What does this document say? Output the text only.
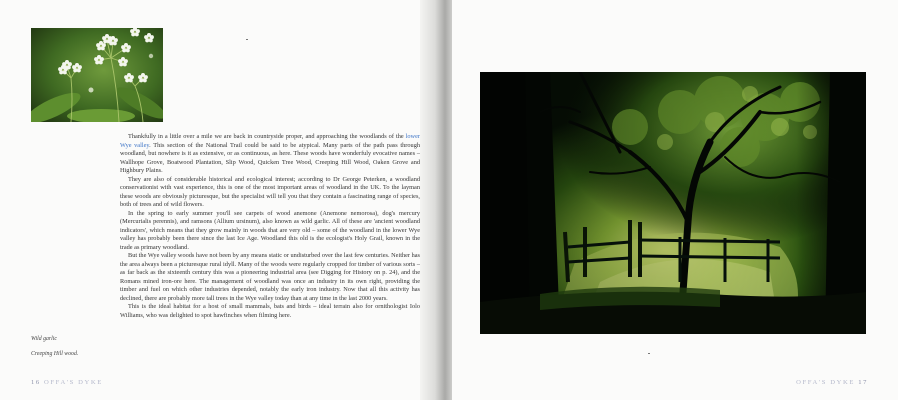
Thankfully in a little over a mile we are back in countryside proper, and approaching the woodlands of the lower Wye valley. This section of the National Trail could be said to be atypical. Many parts of the path pass through woodland, but nowhere is it as extensive, or as continuous, as here. These woods have wonderfuly evocative names – Wallhope Grove, Boatwood Plantation, Slip Wood, Quicken Tree Wood, Creeping Hill Wood, Oaken Grove and Highbury Plains.

They are also of considerable historical and ecological interest; according to Dr George Peterken, a woodland conservationist with vast experience, this is one of the most important areas of woodland in the UK. To the layman these woods are obviously picturesque, but the specialist will tell you that they contain a fascinating range of species, both of trees and of wild flowers.

In the spring to early summer you'll see carpets of wood anemone (Anemone nemorosa), dog's mercury (Mercurialis perennis), and ramsons (Allium ursinum), also known as wild garlic. All of these are 'ancient woodland indicators', which means that they grow mainly in woods that are very old – some of the woodland in the lower Wye valley has probably been there since the last Ice Age. Woodland this old is the ecologist's Holy Grail, known in the trade as primary woodland.

But the Wye valley woods have not been by any means static or undisturbed over the last few centuries. Neither has the area always been a picturesque rural idyll. Many of the woods were regularly cropped for timber of various sorts – as far back as the sixteenth century this was a pioneering industrial area (see Digging for History on p. 24), and the Romans mined iron-ore here. The management of woodland was once an industry in its own right, providing the timber and fuel on which other industries depended, notably the early iron industry. Now that all this activity has declined, there are probably more tall trees in the Wye valley today than at any time in the last 2000 years.

This is the ideal habitat for a host of small mammals, bats and birds – ideal terrain also for ornithologist Iolo Williams, who was delighted to spot hawfinches when filming here.

Wild garlic
Creeping Hill wood.
16 OFFA'S DYKE	OFFA'S DYKE 17
